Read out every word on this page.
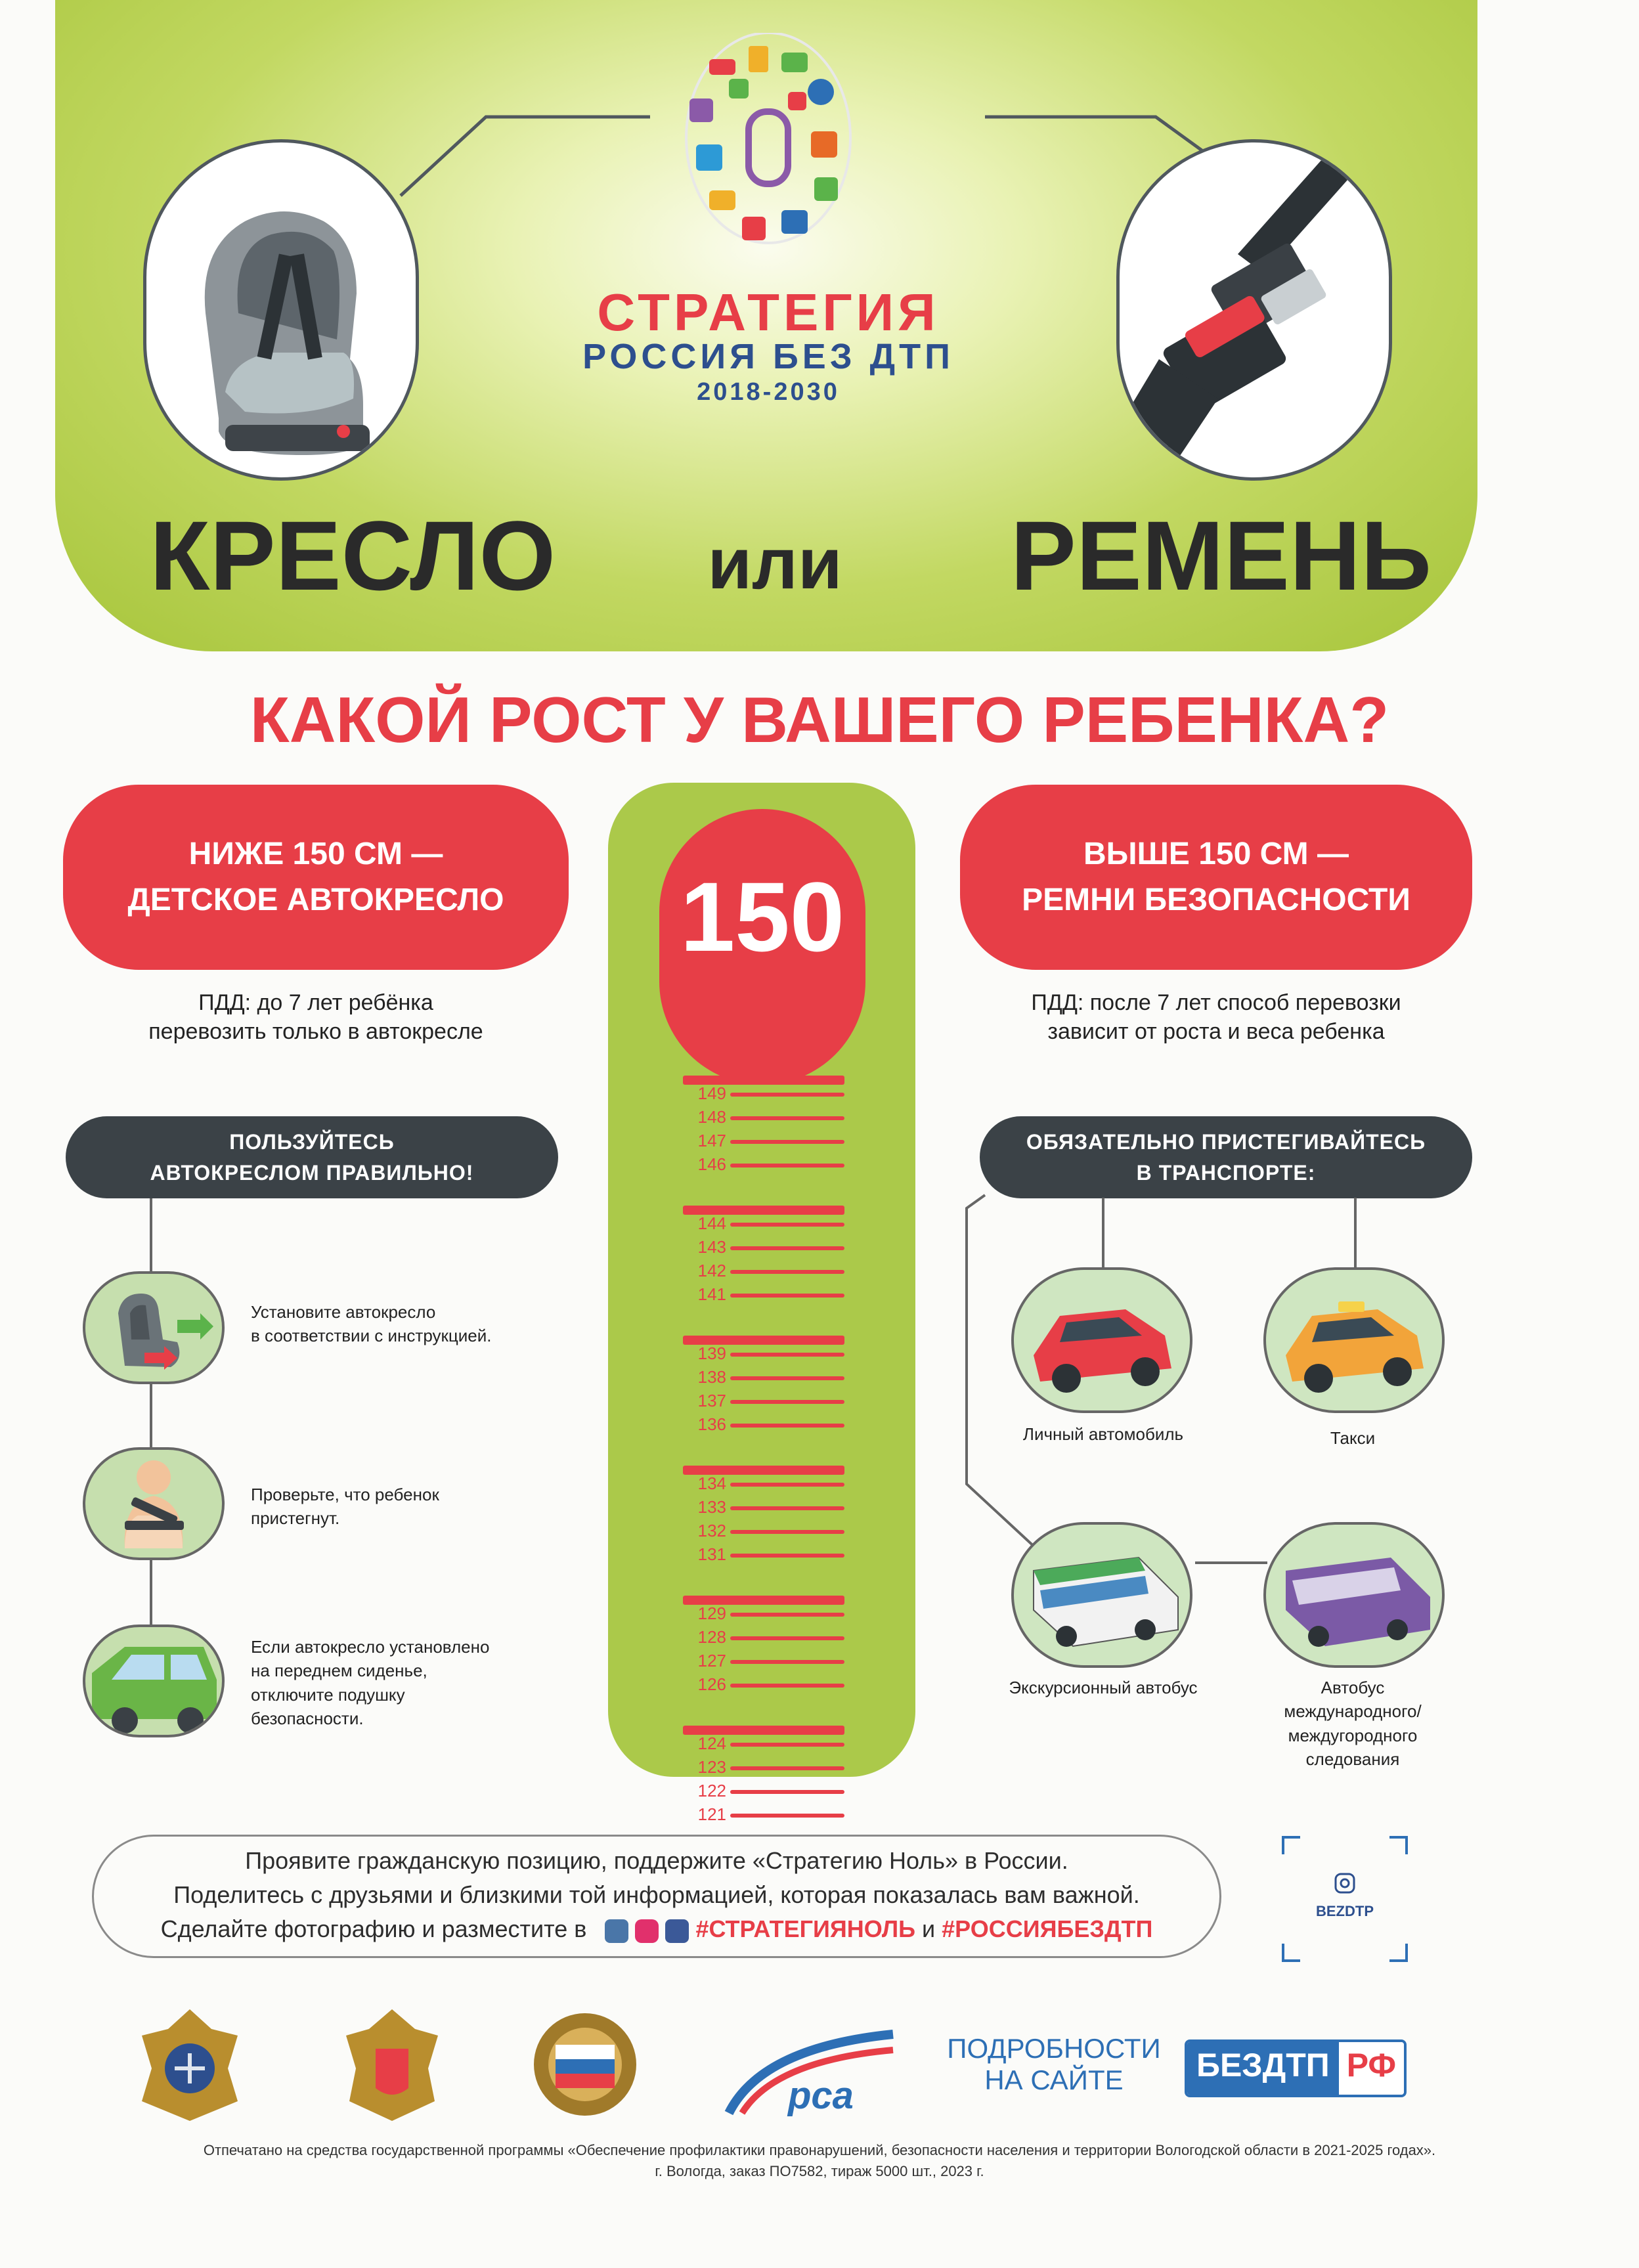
СТРАТЕГИЯ
РОССИЯ БЕЗ ДТП
2018-2030
КРЕСЛО	или	РЕМЕНЬ
КАКОЙ РОСТ У ВАШЕГО РЕБЕНКА?
НИЖЕ 150 СМ —
ДЕТСКОЕ АВТОКРЕСЛО
ПДД: до 7 лет ребёнка
перевозить только в автокресле
ВЫШЕ 150 СМ —
РЕМНИ БЕЗОПАСНОСТИ
ПДД: после 7 лет способ перевозки
зависит от роста и веса ребенка
150
149
148
147
146
144
143
142
141
139
138
137
136
134
133
132
131
129
128
127
126
124
123
122
121
ПОЛЬЗУЙТЕСЬ
АВТОКРЕСЛОМ ПРАВИЛЬНО!
Установите автокресло
в соответствии с инструкцией.
Проверьте, что ребенок
пристегнут.
Если автокресло установлено
на переднем сиденье,
отключите подушку
безопасности.
ОБЯЗАТЕЛЬНО ПРИСТЕГИВАЙТЕСЬ
В ТРАНСПОРТЕ:
Личный автомобиль	Такси
Экскурсионный автобус	Автобус
международного/
междугородного
следования
Проявите гражданскую позицию, поддержите «Стратегию Ноль» в России.
Поделитесь с друзьями и близкими той информацией, которая показалась вам важной.
Сделайте фотографию и разместите в	#СТРАТЕГИЯНОЛЬ и #РОССИЯБЕЗДТП
BEZDTP
рса
ПОДРОБНОСТИ
НА САЙТЕ	БЕЗДТП РФ
Отпечатано на средства государственной программы «Обеспечение профилактики правонарушений, безопасности населения и территории Вологодской области в 2021-2025 годах».
г. Вологда, заказ ПО7582, тираж 5000 шт., 2023 г.
